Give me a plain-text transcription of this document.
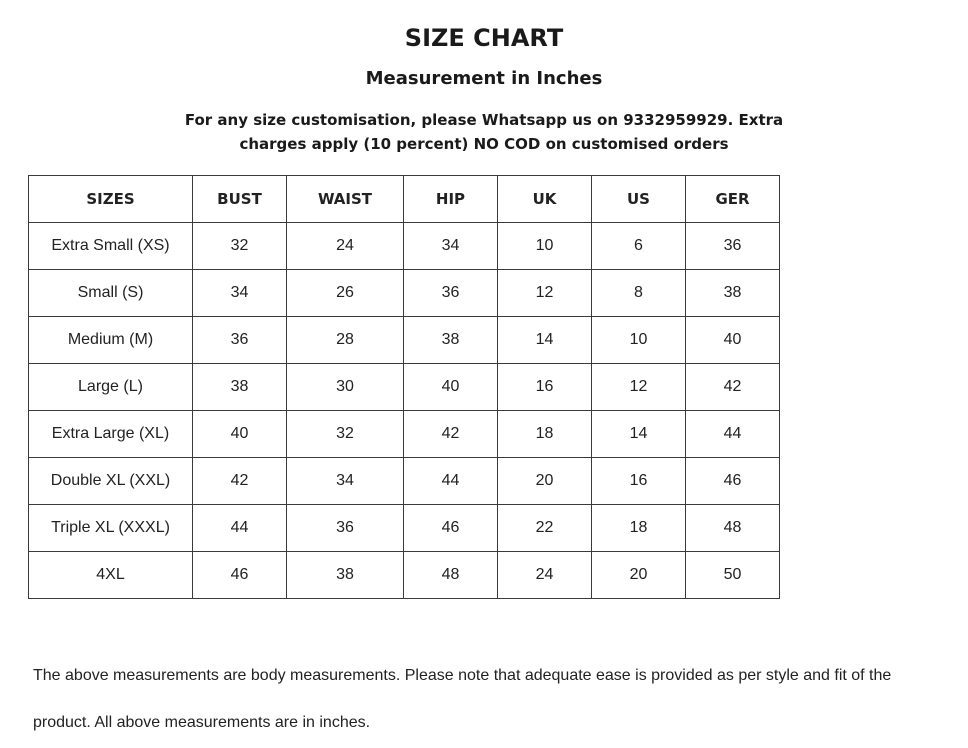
SIZE CHART
Measurement in Inches
For any size customisation, please Whatsapp us on 9332959929. Extra charges apply (10 percent) NO COD on customised orders
SIZES	BUST	WAIST	HIP	UK	US	GER
Extra Small (XS)	32	24	34	10	6	36
Small (S)	34	26	36	12	8	38
Medium (M)	36	28	38	14	10	40
Large (L)	38	30	40	16	12	42
Extra Large (XL)	40	32	42	18	14	44
Double XL (XXL)	42	34	44	20	16	46
Triple XL (XXXL)	44	36	46	22	18	48
4XL	46	38	48	24	20	50
The above measurements are body measurements. Please note that adequate ease is provided as per style and fit of the product. All above measurements are in inches.
